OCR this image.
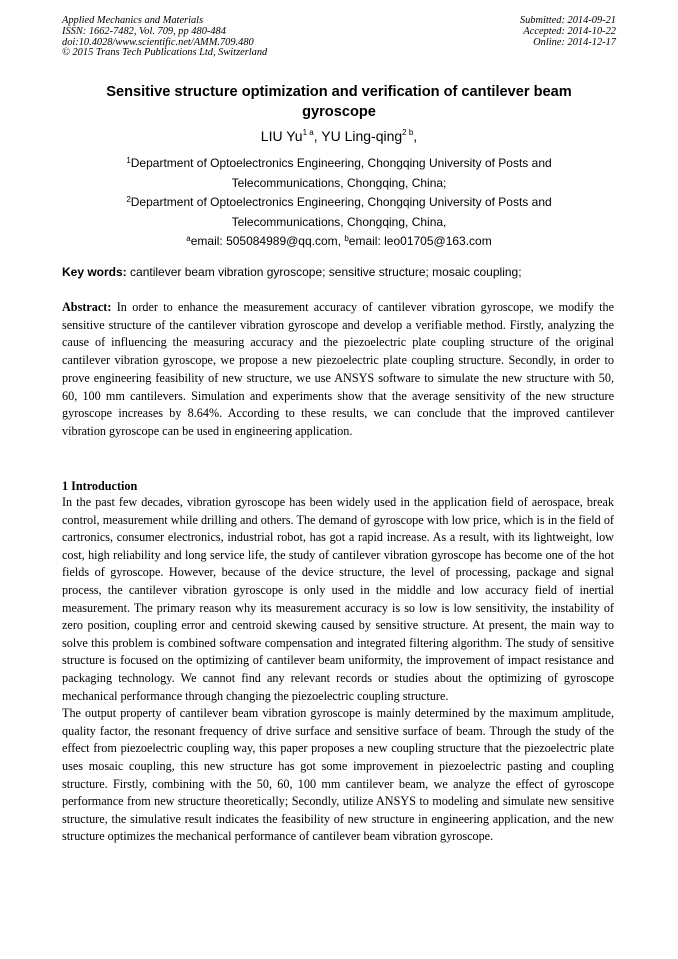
Applied Mechanics and Materials
ISSN: 1662-7482, Vol. 709, pp 480-484
doi:10.4028/www.scientific.net/AMM.709.480
© 2015 Trans Tech Publications Ltd, Switzerland
Submitted: 2014-09-21
Accepted: 2014-10-22
Online: 2014-12-17
Sensitive structure optimization and verification of cantilever beam gyroscope
LIU $Yu^{1 a}$, YU Ling-qing$^{2 b}$,
$^1$Department of Optoelectronics Engineering, Chongqing University of Posts and Telecommunications, Chongqing, China;
$^2$Department of Optoelectronics Engineering, Chongqing University of Posts and Telecommunications, Chongqing, China,
$^a$email: 505084989@qq.com, $^b$email: leo01705@163.com
Key words: cantilever beam vibration gyroscope; sensitive structure; mosaic coupling;
Abstract: In order to enhance the measurement accuracy of cantilever vibration gyroscope, we modify the sensitive structure of the cantilever vibration gyroscope and develop a verifiable method. Firstly, analyzing the cause of influencing the measuring accuracy and the piezoelectric plate coupling structure of the original cantilever vibration gyroscope, we propose a new piezoelectric plate coupling structure. Secondly, in order to prove engineering feasibility of new structure, we use ANSYS software to simulate the new structure with 50, 60, 100 mm cantilevers. Simulation and experiments show that the average sensitivity of the new structure gyroscope increases by 8.64%. According to these results, we can conclude that the improved cantilever vibration gyroscope can be used in engineering application.
1 Introduction

In the past few decades, vibration gyroscope has been widely used in the application field of aerospace, break control, measurement while drilling and others. The demand of gyroscope with low price, which is in the field of cartronics, consumer electronics, industrial robot, has got a rapid increase. As a result, with its lightweight, low cost, high reliability and long service life, the study of cantilever vibration gyroscope has become one of the hot fields of gyroscope. However, because of the device structure, the level of processing, package and signal process, the cantilever vibration gyroscope is only used in the middle and low accuracy field of inertial measurement. The primary reason why its measurement accuracy is so low is low sensitivity, the instability of zero position, coupling error and centroid skewing caused by sensitive structure. At present, the main way to solve this problem is combined software compensation and integrated filtering algorithm. The study of sensitive structure is focused on the optimizing of cantilever beam uniformity, the improvement of impact resistance and packaging technology. We cannot find any relevant records or studies about the optimizing of gyroscope mechanical performance through changing the piezoelectric coupling structure.

The output property of cantilever beam vibration gyroscope is mainly determined by the maximum amplitude, quality factor, the resonant frequency of drive surface and sensitive surface of beam. Through the study of the effect from piezoelectric coupling way, this paper proposes a new coupling structure that the piezoelectric plate uses mosaic coupling, this new structure has got some improvement in piezoelectric pasting and coupling structure. Firstly, combining with the 50, 60, 100 mm cantilever beam, we analyze the effect of gyroscope performance from new structure theoretically; Secondly, utilize ANSYS to modeling and simulate new sensitive structure, the simulative result indicates the feasibility of new structure in engineering application, and the new structure optimizes the mechanical performance of cantilever beam vibration gyroscope.
